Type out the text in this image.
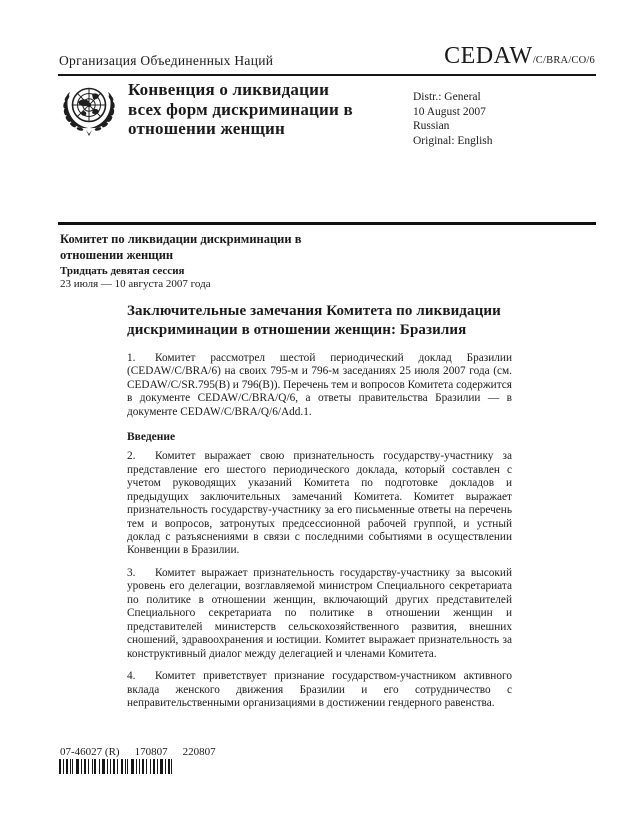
Организация Объединенных Наций	CEDAW/C/BRA/CO/6
Конвенция о ликвидации всех форм дискриминации в отношении женщин
Distr.: General
10 August 2007
Russian
Original: English
Комитет по ликвидации дискриминации в отношении женщин
Тридцать девятая сессия
23 июля — 10 августа 2007 года
Заключительные замечания Комитета по ликвидации дискриминации в отношении женщин: Бразилия

1. Комитет рассмотрел шестой периодический доклад Бразилии (CEDAW/C/BRA/6) на своих 795-м и 796-м заседаниях 25 июля 2007 года (см. CEDAW/C/SR.795(B) и 796(B)). Перечень тем и вопросов Комитета содержится в документе CEDAW/C/BRA/Q/6, а ответы правительства Бразилии — в документе CEDAW/C/BRA/Q/6/Add.1.

Введение

2. Комитет выражает свою признательность государству-участнику за представление его шестого периодического доклада, который составлен с учетом руководящих указаний Комитета по подготовке докладов и предыдущих заключительных замечаний Комитета. Комитет выражает признательность государству-участнику за его письменные ответы на перечень тем и вопросов, затронутых предсессионной рабочей группой, и устный доклад с разъяснениями в связи с последними событиями в осуществлении Конвенции в Бразилии.

3. Комитет выражает признательность государству-участнику за высокий уровень его делегации, возглавляемой министром Специального секретариата по политике в отношении женщин, включающий других представителей Специального секретариата по политике в отношении женщин и представителей министерств сельскохозяйственного развития, внешних сношений, здравоохранения и юстиции. Комитет выражает признательность за конструктивный диалог между делегацией и членами Комитета.

4. Комитет приветствует признание государством-участником активного вклада женского движения Бразилии и его сотрудничество с неправительственными организациями в достижении гендерного равенства.

07-46027 (R) 170807 220807
